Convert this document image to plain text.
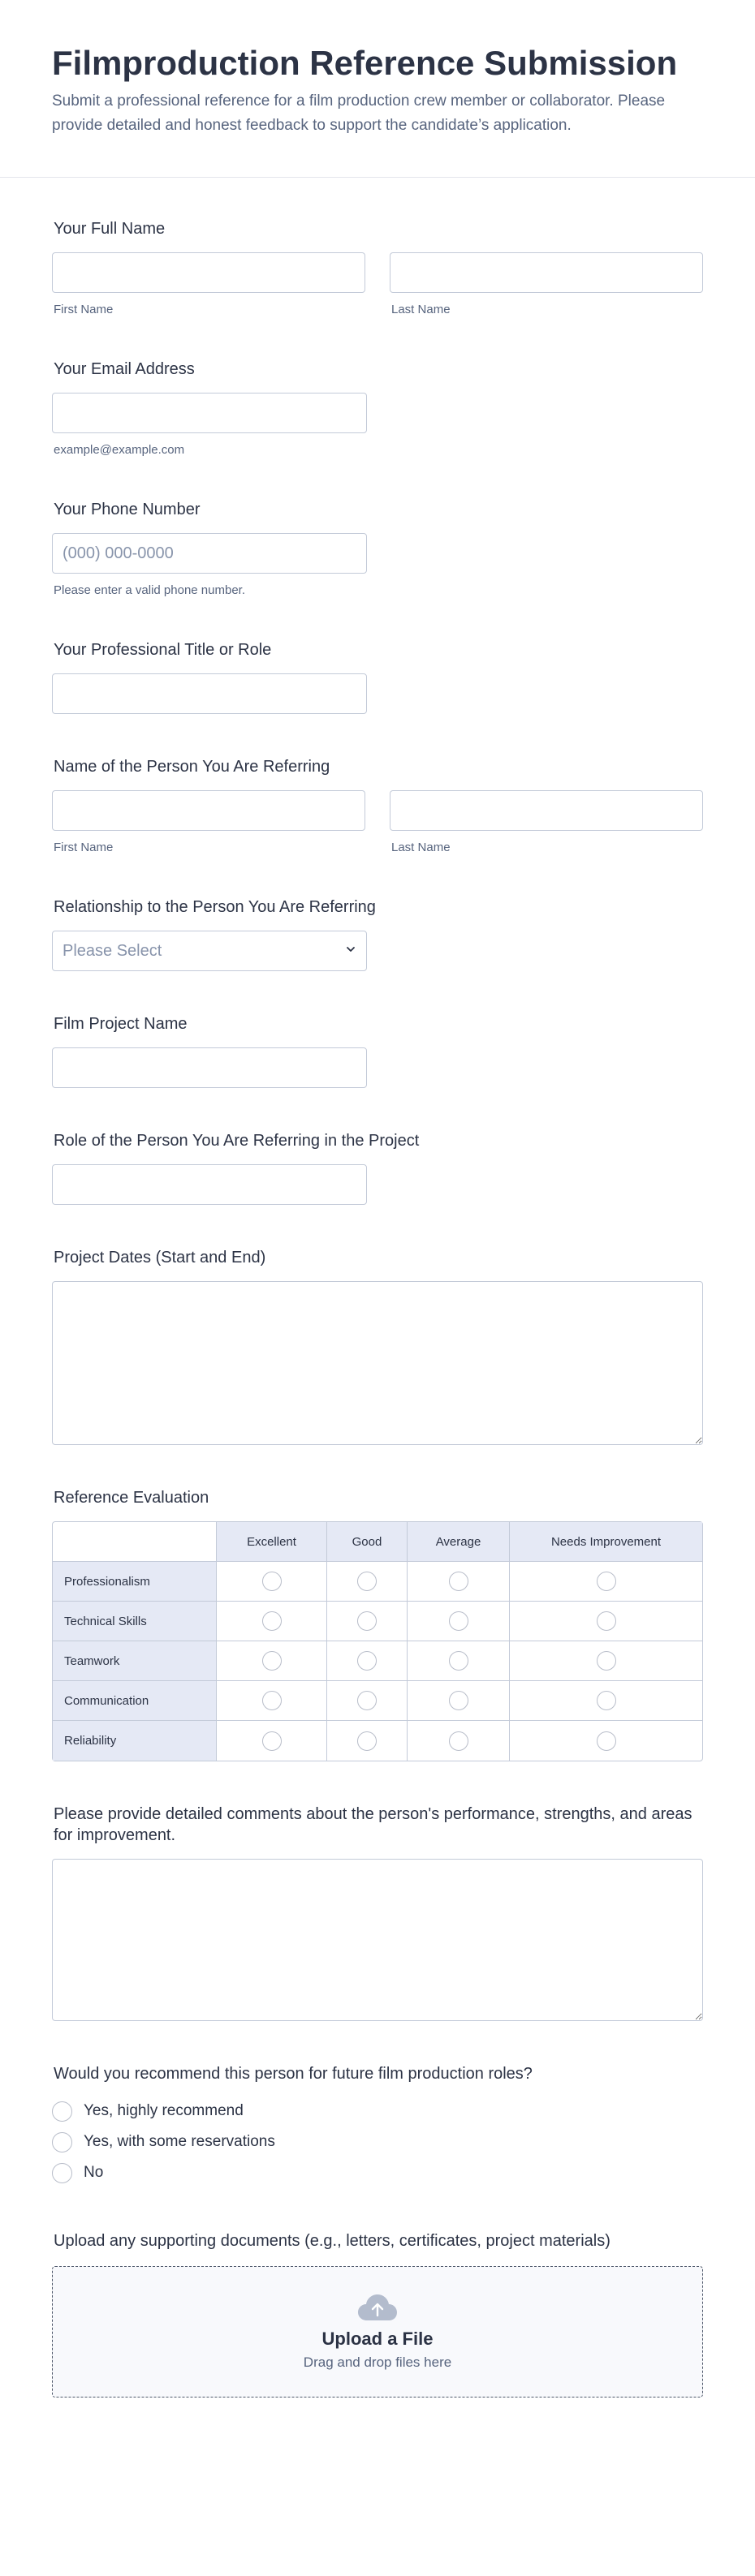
Filmproduction Reference Submission

Submit a professional reference for a film production crew member or collaborator. Please provide detailed and honest feedback to support the candidate’s application.

Your Full Name
First Name	Last Name
Your Email Address
example@example.com
Your Phone Number
(000) 000-0000
Please enter a valid phone number.
Your Professional Title or Role
Name of the Person You Are Referring
First Name	Last Name
Relationship to the Person You Are Referring
Please Select
Film Project Name
Role of the Person You Are Referring in the Project
Project Dates (Start and End)
Reference Evaluation
	Excellent	Good	Average	Needs Improvement
Professionalism				
Technical Skills				
Teamwork				
Communication				
Reliability				
Please provide detailed comments about the person's performance, strengths, and areas for improvement.
Would you recommend this person for future film production roles?
Yes, highly recommend
Yes, with some reservations
No
Upload any supporting documents (e.g., letters, certificates, project materials)
Upload a File
Drag and drop files here
